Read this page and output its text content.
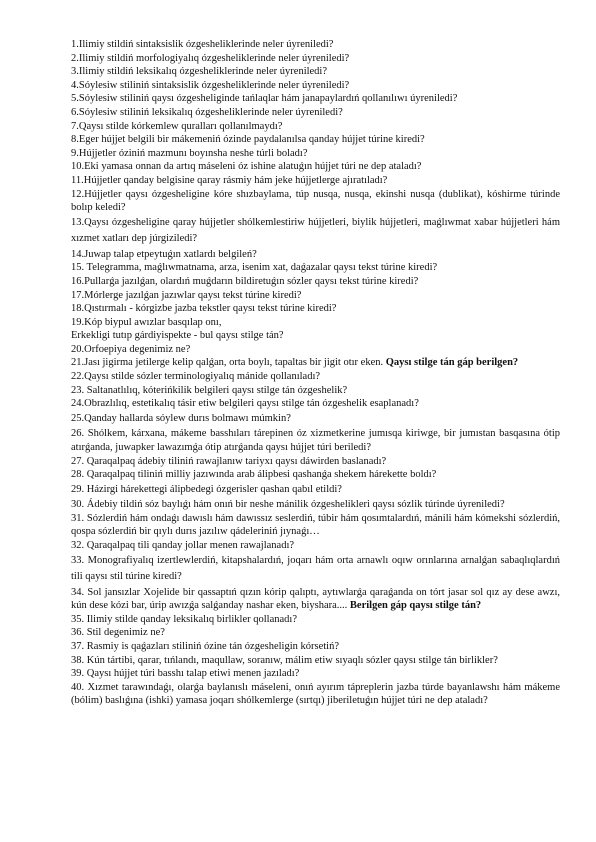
1.Ilimiy stildiń sintaksislik ózgesheliklerinde neler úyreniledi?

2.Ilimiy stildiń morfologiyalıq ózgesheliklerinde neler úyreniledi?

3.Ilimiy stildiń leksikalıq ózgesheliklerinde neler úyreniledi?

4.Sóylesiw stiliniń sintaksislik ózgesheliklerinde neler úyreniledi?

5.Sóylesiw stiliniń qaysı ózgesheliginde tańlaqlar hám janapaylardıń qollanılıwı úyreniledi?

6.Sóylesiw stiliniń leksikalıq ózgesheliklerinde neler úyreniledi?

7.Qaysı stilde kórkemlew quralları qollanılmaydı?

8.Eger hújjet belgili bir mákemeniń ózinde paydalanılsa qanday hújjet túrine kiredi?

9.Hújjetler óziniń mazmunı boyınsha neshe túrli boladı?

10.Eki yamasa onnan da artıq máseleni óz ishine alatuǵın hújjet túri ne dep ataladı?

11.Hújjetler qanday belgisine qaray rásmiy hám jeke hújjetlerge ajıratıladı?

12.Hújjetler qaysı ózgesheligine kóre shızbaylama, túp nusqa, nusqa, ekinshi nusqa (dublikat), kóshirme túrinde bolıp keledi?

13.Qaysı ózgesheligine qaray hújjetler shólkemlestiriw hújjetleri, biylik hújjetleri, maǵlıwmat xabar hújjetleri hám xızmet xatları dep júrgiziledi?

14.Juwap talap etpeytuǵın xatlardı belgileń?

15. Telegramma, maǵlıwmatnama, arza, isenim xat, daǵazalar qaysı tekst túrine kiredi?

16.Pullarǵa jazılǵan, olardıń muǵdarın bildiretuǵın sózler qaysı tekst túrine kiredi?

17.Mórlerge jazılǵan jazıwlar qaysı tekst túrine kiredi?

18.Qıstırmalı - kórgizbe jazba tekstler qaysı tekst túrine kiredi?

19.Kóp biypul awızlar basqılap onı,

Erkekligi tutıp gárdiyispekte - bul qaysı stilge tán?

20.Orfoepiya degenimiz ne?

21.Jası jigirma jetilerge kelip qalǵan, orta boylı, tapaltas bir jigit otır eken. Qaysı stilge tán gáp berilgen?

22.Qaysı stilde sózler terminologiyalıq mánide qollanıladı?

23. Saltanatlılıq, kóterińkilik belgileri qaysı stilge tán ózgeshelik?

24.Obrazlılıq, estetikalıq tásir etiw belgileri qaysı stilge tán ózgeshelik esaplanadı?

25.Qanday hallarda sóylew durıs bolmawı múmkin?

26. Shólkem, kárxana, mákeme basshıları tárepinen óz xizmetkerine jumısqa kiriwge, bir jumıstan basqasına ótip atırǵanda, juwapker lawazımǵa ótip atırǵanda qaysı hújjet túri beriledi?

27. Qaraqalpaq ádebiy tiliniń rawajlanıw tariyxı qaysı dáwirden baslanadı?

28. Qaraqalpaq tiliniń milliy jazıwında arab álipbesi qashanǵa shekem hárekette boldı?

29. Házirgi hárekettegi álipbedegi ózgerisler qashan qabıl etildi?

30. Ádebiy tildiń sóz baylıǵı hám onıń bir neshe mánilik ózgeshelikleri qaysı sózlik túrinde úyreniledi?

31. Sózlerdiń hám ondaǵı dawıslı hám dawıssız seslerdiń, túbir hám qosımtalardıń, mánili hám kómekshi sózlerdiń, qospa sózlerdiń bir qıylı durıs jazılıw qádeleriniń jıynaǵı…

32. Qaraqalpaq tili qanday jollar menen rawajlanadı?

33. Monografiyalıq izertlewlerdiń, kitapshalardıń, joqarı hám orta arnawlı oqıw orınlarına arnalǵan sabaqlıqlardıń tili qaysı stil túrine kiredi?

34. Sol jansızlar Xojelide bir qassaptıń qızın kórip qalıptı, aytıwlarǵa qaraǵanda on tórt jasar sol qız ay dese awzı, kún dese kózi bar, úrip awızǵa salǵanday nashar eken, biyshara.... Berilgen gáp qaysı stilge tán?

35. Ilimiy stilde qanday leksikalıq birlikler qollanadı?

36. Stil degenimiz ne?

37. Rasmiy is qaǵazları stiliniń ózine tán ózgesheligin kórsetiń?

38. Kún tártibi, qarar, tıńlandı, maqullaw, soranıw, málim etiw sıyaqlı sózler qaysı stilge tán birlikler?

39. Qaysı hújjet túri basshı talap etiwi menen jazıladı?

40. Xızmet tarawındaǵı, olarǵa baylanıslı máseleni, onıń ayırım tápreplerin jazba túrde bayanlawshı hám mákeme (bólim) baslıǵına (ishki) yamasa joqarı shólkemlerge (sırtqı) jiberiletuǵın hújjet túri ne dep ataladı?
